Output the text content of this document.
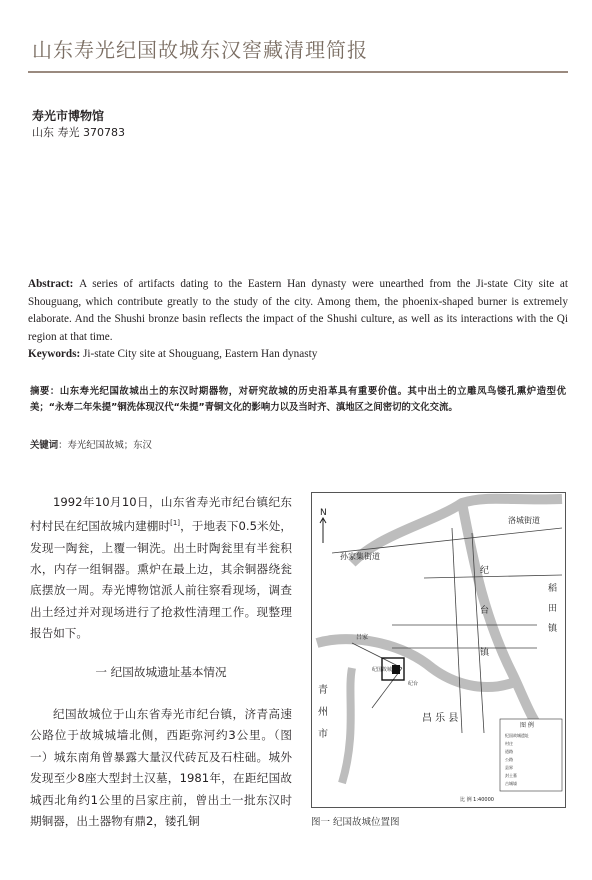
山东寿光纪国故城东汉窖藏清理简报
寿光市博物馆
山东 寿光 370783
Abstract: A series of artifacts dating to the Eastern Han dynasty were unearthed from the Ji-state City site at Shouguang, which contribute greatly to the study of the city. Among them, the phoenix-shaped burner is extremely elaborate. And the Shushi bronze basin reflects the impact of the Shushi culture, as well as its interactions with the Qi region at that time.
Keywords: Ji-state City site at Shouguang, Eastern Han dynasty
摘要：山东寿光纪国故城出土的东汉时期器物，对研究故城的历史沿革具有重要价值。其中出土的立雕凤鸟镂孔熏炉造型优美；“永寿二年朱提”铜洗体现汉代“朱提”青铜文化的影响力以及当时齐、滇地区之间密切的文化交流。
关键词：寿光纪国故城；东汉
1992年10月10日，山东省寿光市纪台镇纪东村村民在纪国故城内建棚时[1]，于地表下0.5米处，发现一陶瓮，上覆一铜洗。出土时陶瓮里有半瓮积水，内存一组铜器。熏炉在最上边，其余铜器绕瓮底摆放一周。寿光博物馆派人前往察看现场，调查出土经过并对现场进行了抢救性清理工作。现整理报告如下。
一 纪国故城遗址基本情况
纪国故城位于山东省寿光市纪台镇，济青高速公路位于故城城墙北侧，西距弥河约3公里。（图一）城东南角曾暴露大量汉代砖瓦及石柱础。城外发现至少8座大型封土汉墓，1981年，在距纪国故城西北角约1公里的吕家庄前，曾出土一批东汉时期铜器，出土器物有鼎2，镂孔铜
N
洛城街道
孙家集街道
纪
台
镇
稻
田
镇
青
州
市
昌 乐 县
吕家
纪国故城
纪台
图 例
纪国故城遗址
村庄
道路
公路
县界
封土墓
古城墙
比 例 1:40000
图一 纪国故城位置图
